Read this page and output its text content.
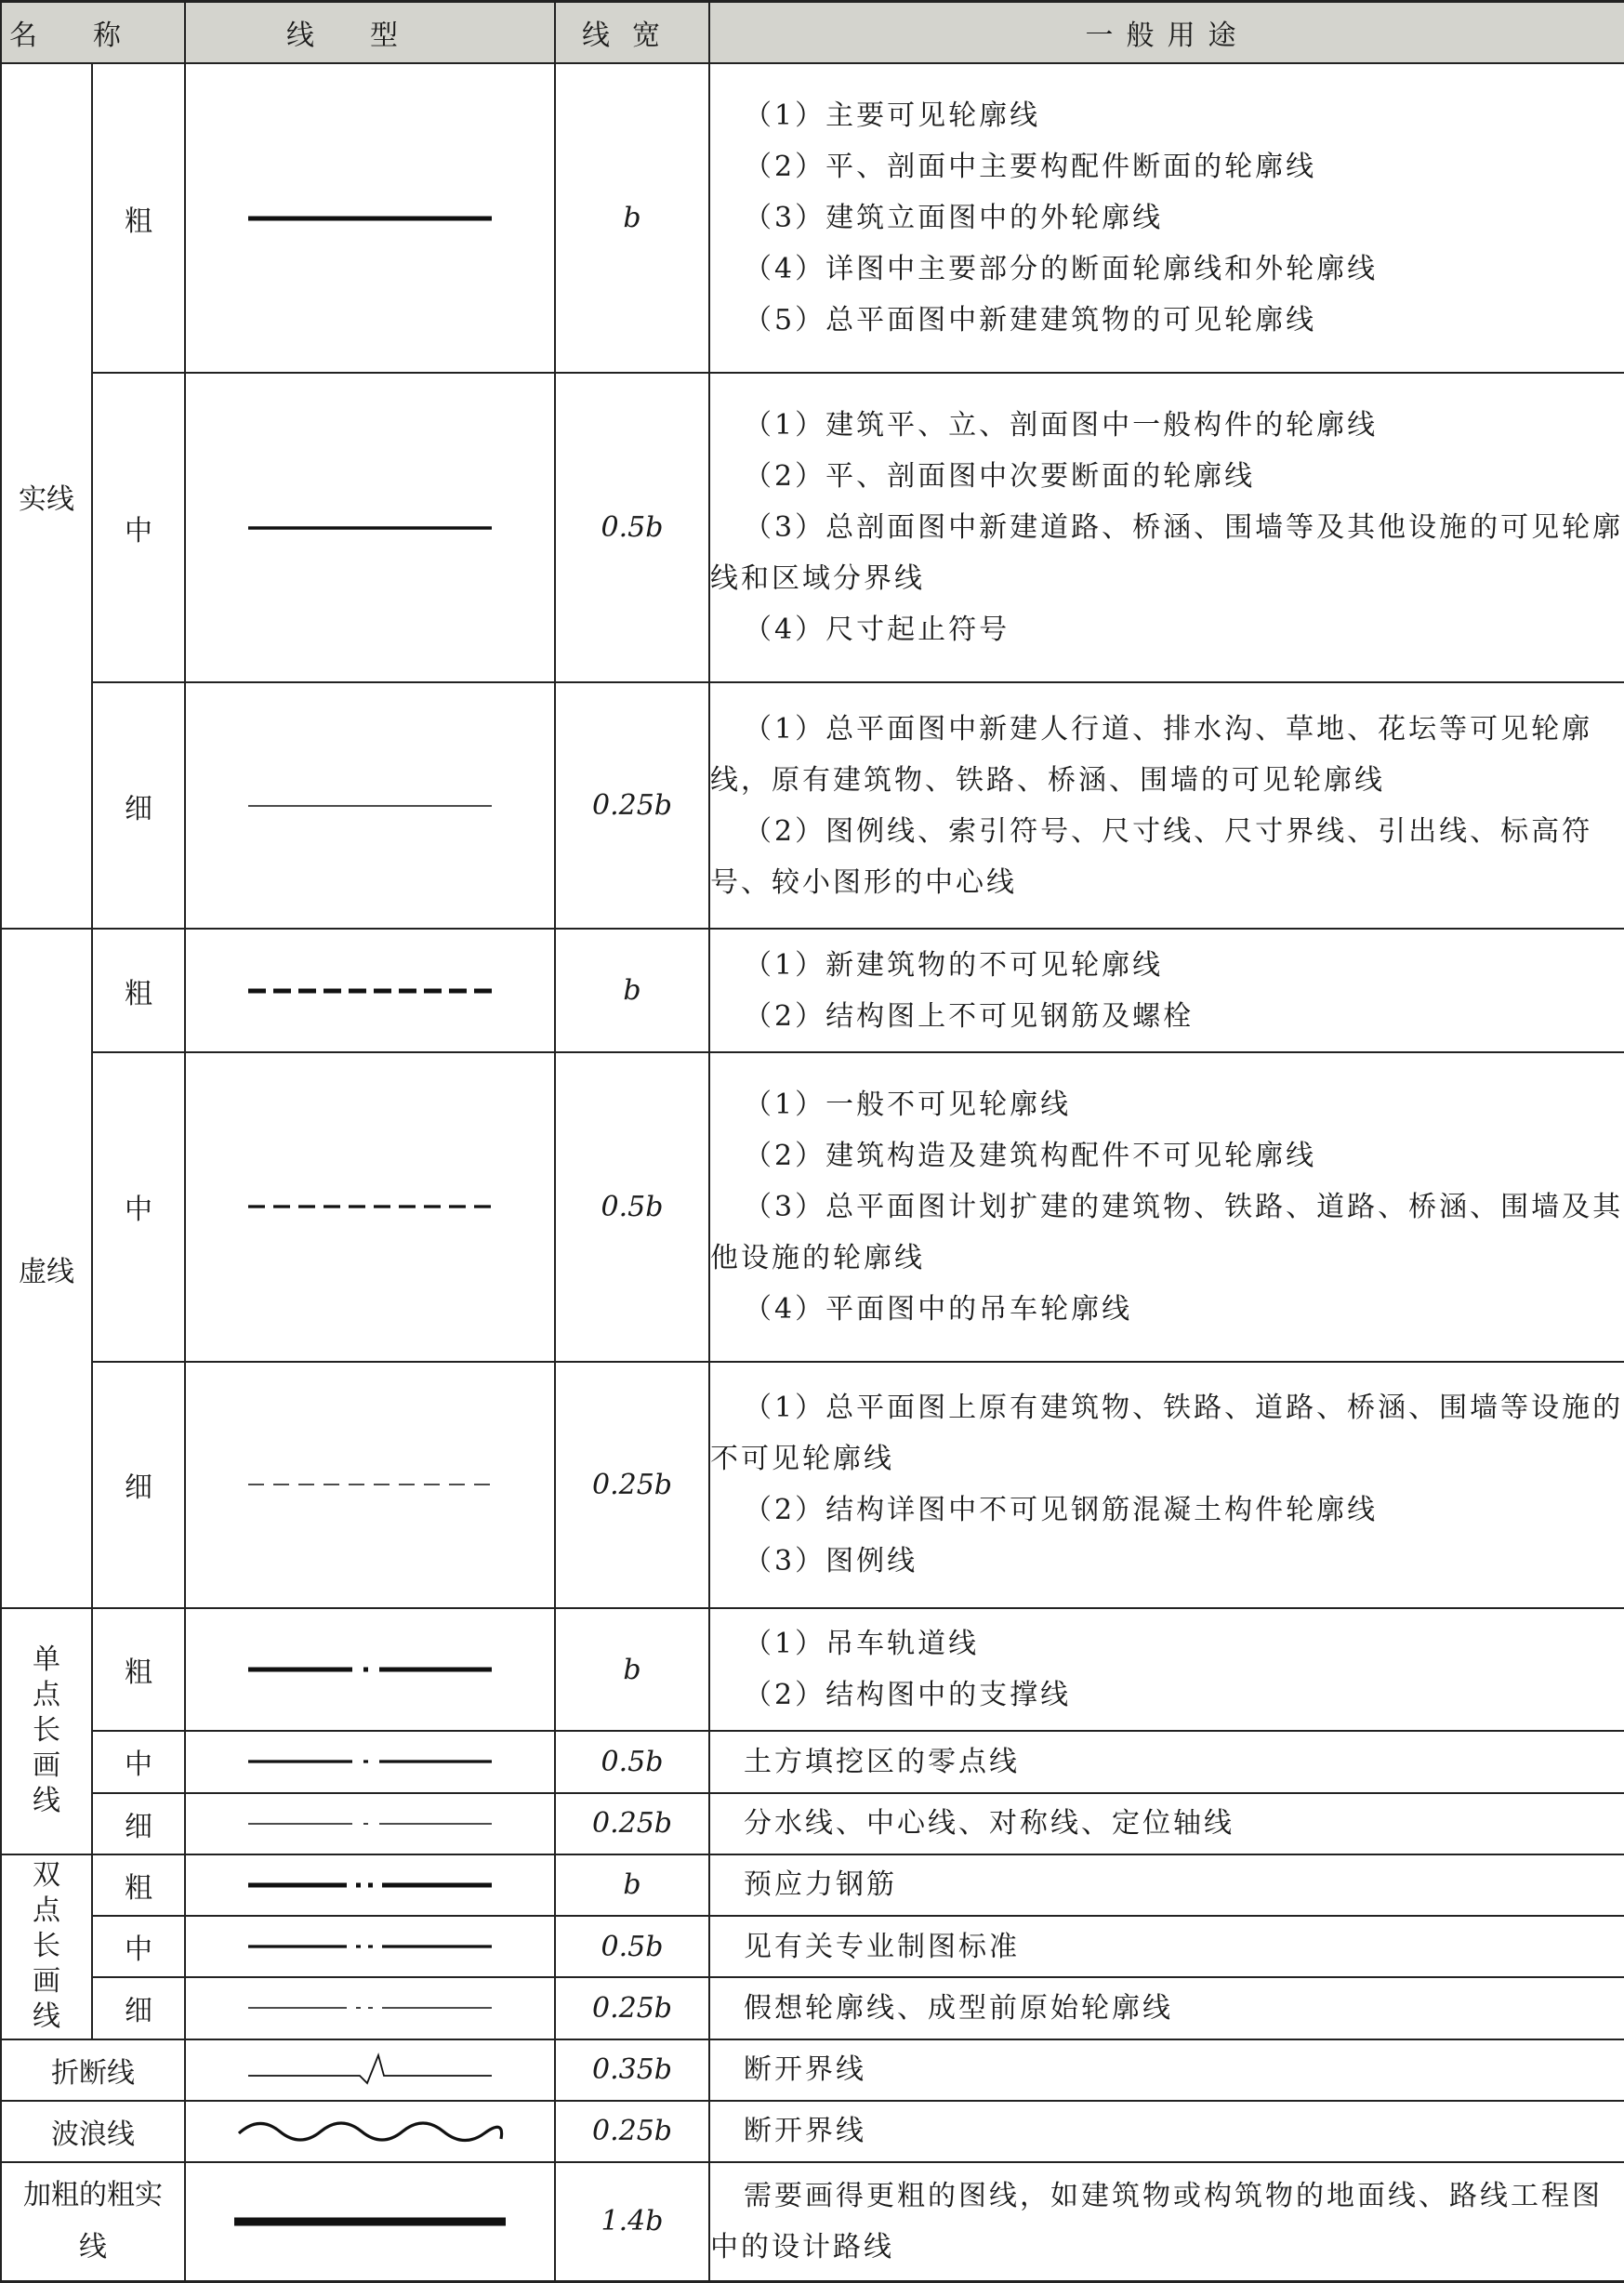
名称		线型	线宽	一般用途
实线	粗		b	（1）主要可见轮廓线
（2）平、剖面中主要构配件断面的轮廓线
（3）建筑立面图中的外轮廓线
（4）详图中主要部分的断面轮廓线和外轮廓线
（5）总平面图中新建建筑物的可见轮廓线

	中		0.5b	（1）建筑平、立、剖面图中一般构件的轮廓线
（2）平、剖面图中次要断面的轮廓线
（3）总剖面图中新建道路、桥涵、围墙等及其他设施的可见轮廓线和区域分界线
（4）尺寸起止符号

	细		0.25b	（1）总平面图中新建人行道、排水沟、草地、花坛等可见轮廓线，原有建筑物、铁路、桥涵、围墙的可见轮廓线
（2）图例线、索引符号、尺寸线、尺寸界线、引出线、标高符号、较小图形的中心线

虚线	粗		b	（1）新建筑物的不可见轮廓线
（2）结构图上不可见钢筋及螺栓

	中		0.5b	（1）一般不可见轮廓线
（2）建筑构造及建筑构配件不可见轮廓线
（3）总平面图计划扩建的建筑物、铁路、道路、桥涵、围墙及其他设施的轮廓线
（4）平面图中的吊车轮廓线

	细		0.25b	（1）总平面图上原有建筑物、铁路、道路、桥涵、围墙等设施的不可见轮廓线
（2）结构详图中不可见钢筋混凝土构件轮廓线
（3）图例线

单
点
长
画
线	粗		b	（1）吊车轨道线
（2）结构图中的支撑线

	中		0.5b	土方填挖区的零点线

	细		0.25b	分水线、中心线、对称线、定位轴线

双
点
长
画
线	粗		b	预应力钢筋

	中		0.5b	见有关专业制图标准

	细		0.25b	假想轮廓线、成型前原始轮廓线

折断线			0.35b	断开界线

波浪线			0.25b	断开界线

加粗的粗实线			1.4b	需要画得更粗的图线，如建筑物或构筑物的地面线、路线工程图中的设计路线
